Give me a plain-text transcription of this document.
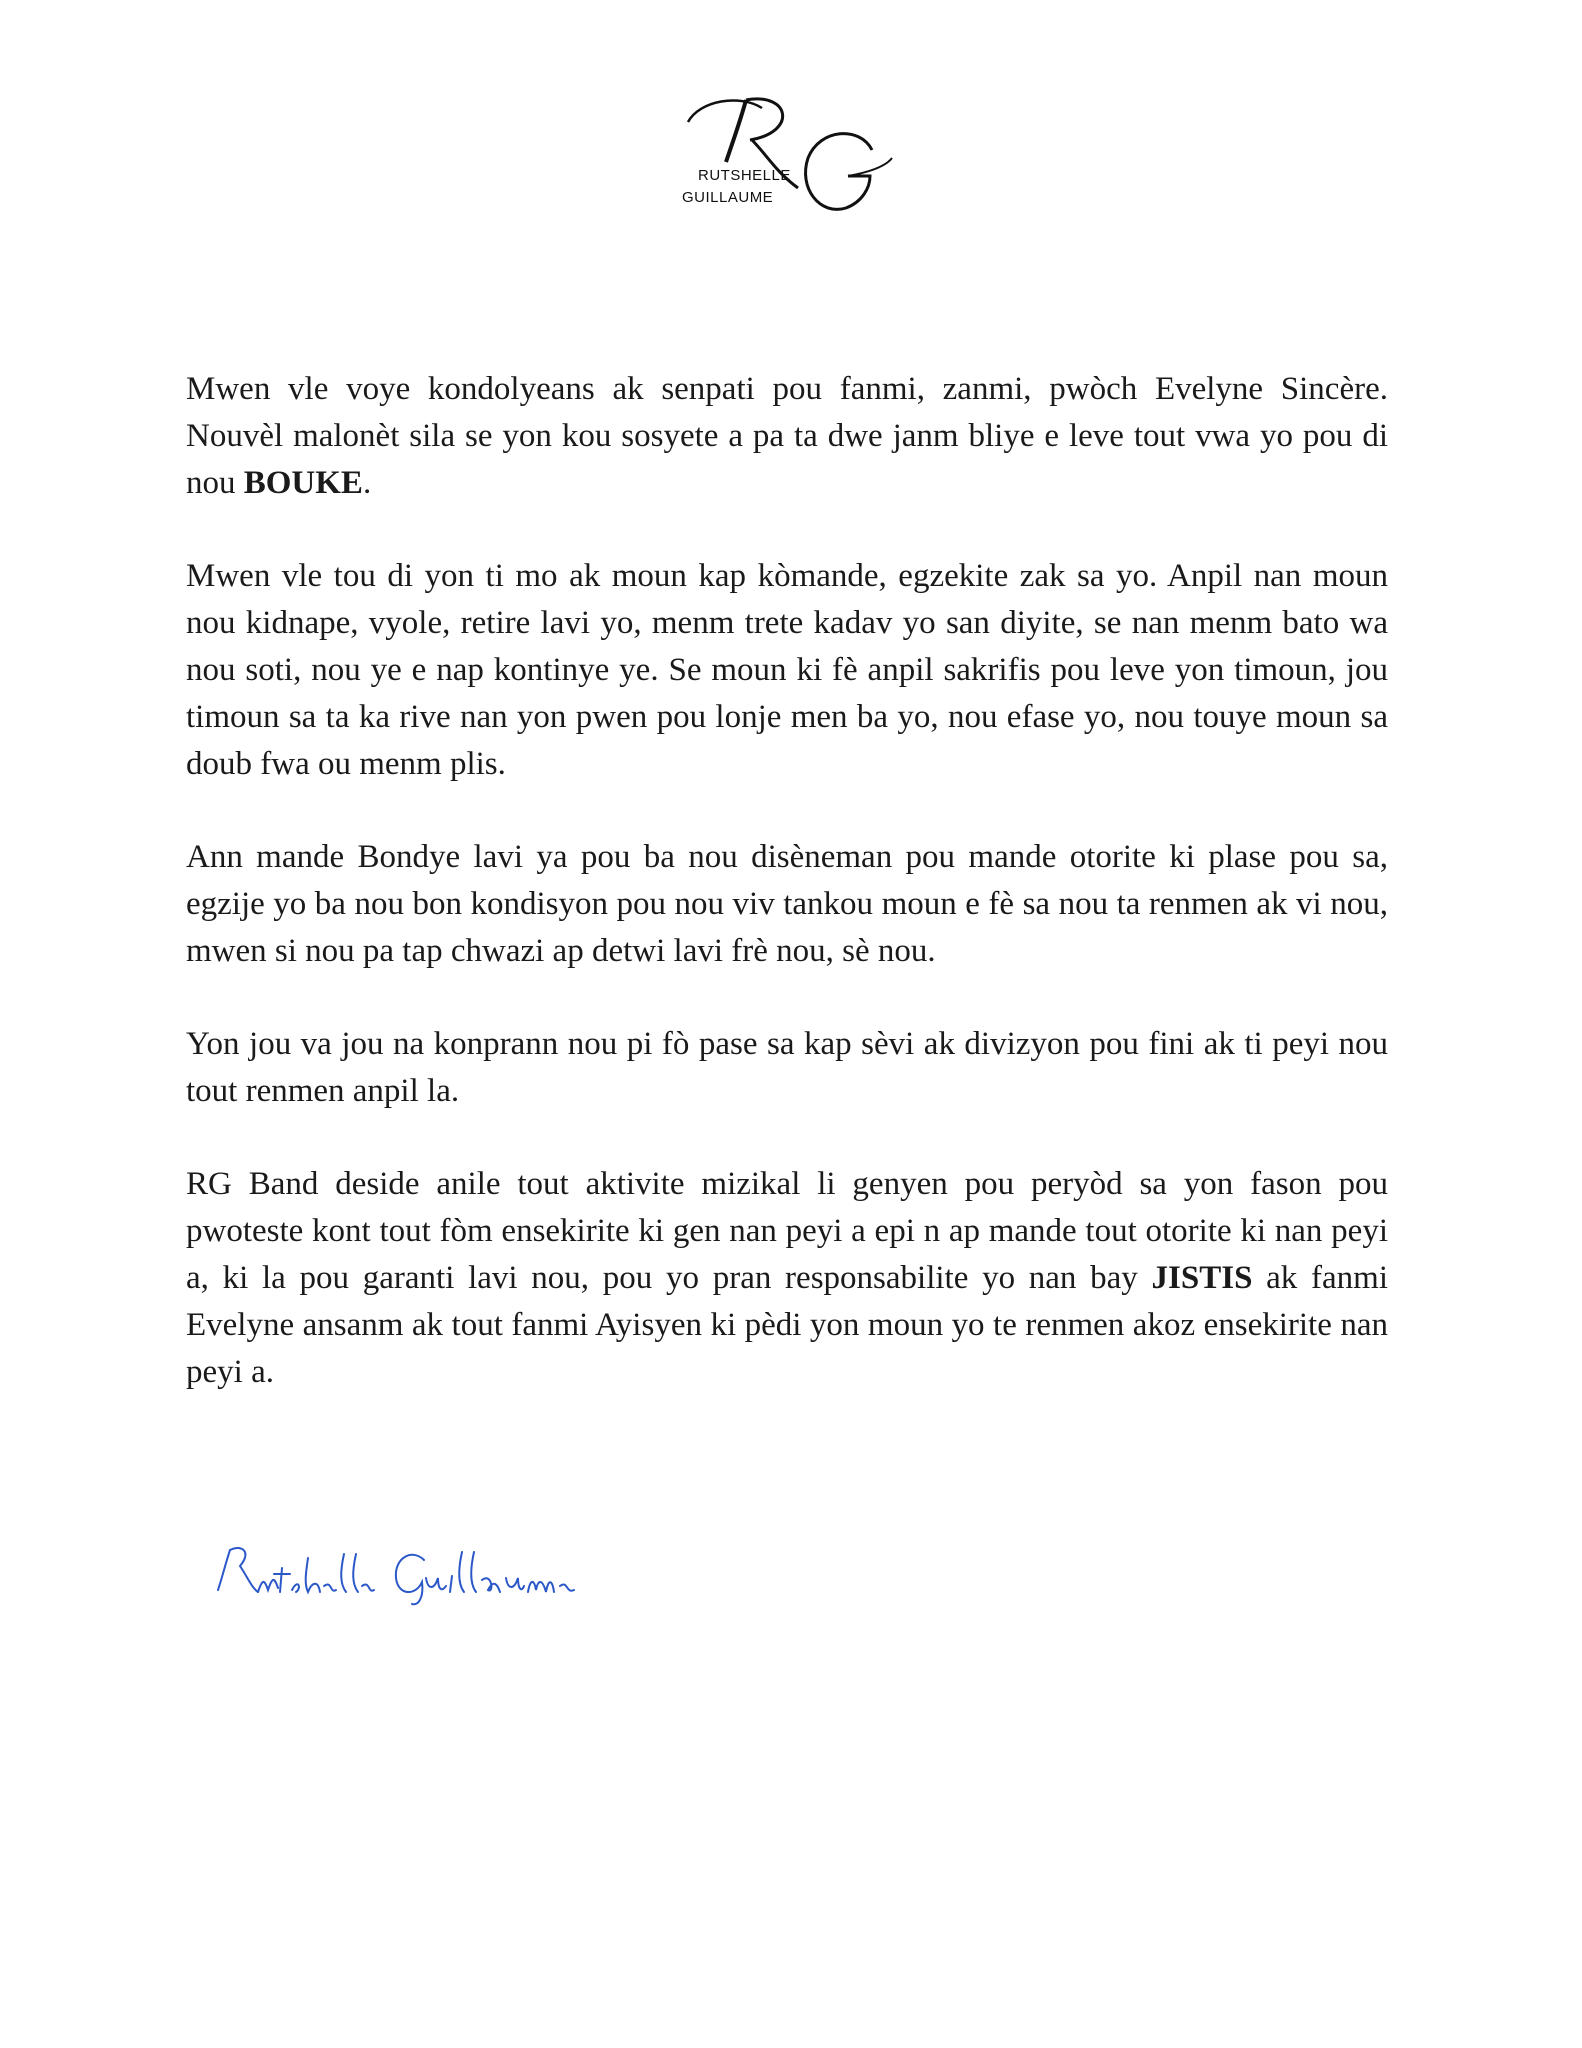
RUTSHELLE
GUILLAUME

Mwen vle voye kondolyeans ak senpati pou fanmi, zanmi, pwòch Evelyne Sincère. Nouvèl malonèt sila se yon kou sosyete a pa ta dwe janm bliye e leve tout vwa yo pou di nou BOUKE.

Mwen vle tou di yon ti mo ak moun kap kòmande, egzekite zak sa yo. Anpil nan moun nou kidnape, vyole, retire lavi yo, menm trete kadav yo san diyite, se nan menm bato wa nou soti, nou ye e nap kontinye ye. Se moun ki fè anpil sakrifis pou leve yon timoun, jou timoun sa ta ka rive nan yon pwen pou lonje men ba yo, nou efase yo, nou touye moun sa doub fwa ou menm plis.

Ann mande Bondye lavi ya pou ba nou disèneman pou mande otorite ki plase pou sa, egzije yo ba nou bon kondisyon pou nou viv tankou moun e fè sa nou ta renmen ak vi nou, mwen si nou pa tap chwazi ap detwi lavi frè nou, sè nou.

Yon jou va jou na konprann nou pi fò pase sa kap sèvi ak divizyon pou fini ak ti peyi nou tout renmen anpil la.

RG Band deside anile tout aktivite mizikal li genyen pou peryòd sa yon fason pou pwoteste kont tout fòm ensekirite ki gen nan peyi a epi n ap mande tout otorite ki nan peyi a, ki la pou garanti lavi nou, pou yo pran responsabilite yo nan bay JISTIS ak fanmi Evelyne ansanm ak tout fanmi Ayisyen ki pèdi yon moun yo te renmen akoz ensekirite nan peyi a.
